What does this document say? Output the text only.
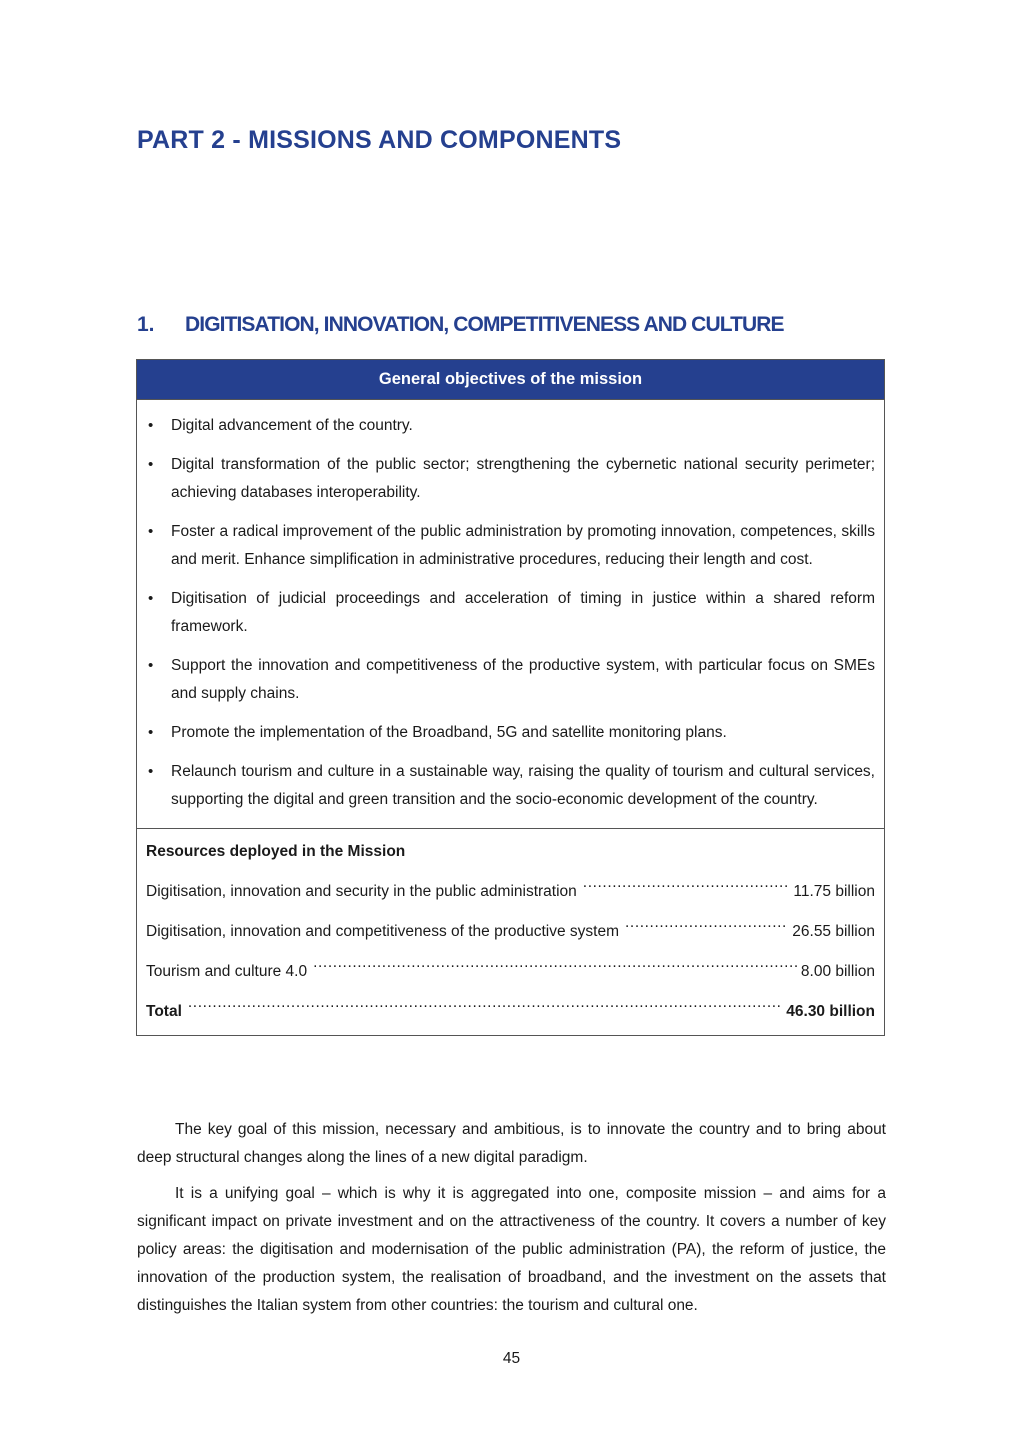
PART 2 - MISSIONS AND COMPONENTS
1. DIGITISATION, INNOVATION, COMPETITIVENESS AND CULTURE
General objectives of the mission
• Digital advancement of the country.
• Digital transformation of the public sector; strengthening the cybernetic national security perimeter; achieving databases interoperability.
• Foster a radical improvement of the public administration by promoting innovation, competences, skills and merit. Enhance simplification in administrative procedures, reducing their length and cost.
• Digitisation of judicial proceedings and acceleration of timing in justice within a shared reform framework.
• Support the innovation and competitiveness of the productive system, with particular focus on SMEs and supply chains.
• Promote the implementation of the Broadband, 5G and satellite monitoring plans.
• Relaunch tourism and culture in a sustainable way, raising the quality of tourism and cultural services, supporting the digital and green transition and the socio-economic development of the country.
Resources deployed in the Mission
Digitisation, innovation and security in the public administration .....	11.75 billion
Digitisation, innovation and competitiveness of the productive system .....	26.55 billion
Tourism and culture 4.0 .....	8.00 billion
Total .....	46.30 billion

The key goal of this mission, necessary and ambitious, is to innovate the country and to bring about deep structural changes along the lines of a new digital paradigm.

It is a unifying goal – which is why it is aggregated into one, composite mission – and aims for a significant impact on private investment and on the attractiveness of the country. It covers a number of key policy areas: the digitisation and modernisation of the public administration (PA), the reform of justice, the innovation of the production system, the realisation of broadband, and the investment on the assets that distinguishes the Italian system from other countries: the tourism and cultural one.

45
